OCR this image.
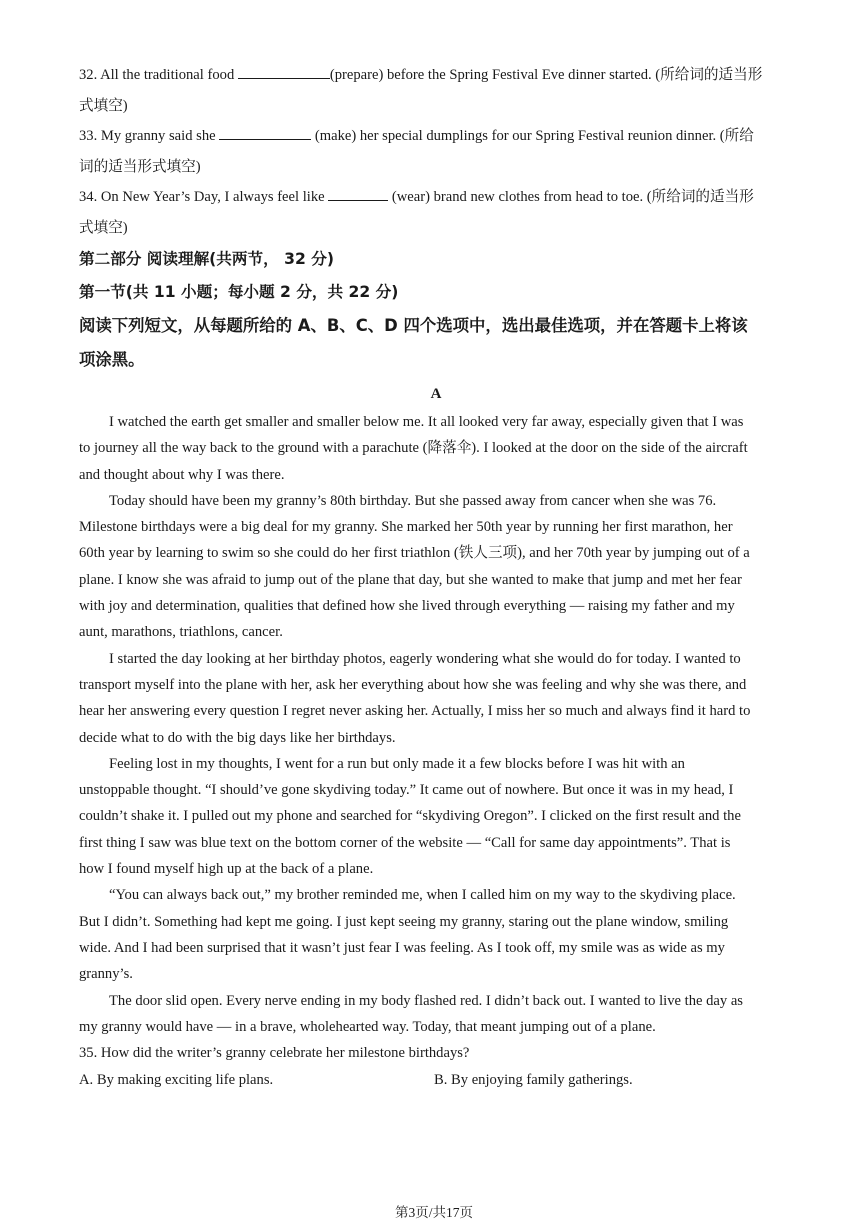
32. All the traditional food	(prepare) before the Spring Festival Eve dinner started. (所给词的适当形

式填空)

33. My granny said she	(make) her special dumplings for our Spring Festival reunion dinner. (所给

词的适当形式填空)

34. On New Year’s Day, I always feel like	(wear) brand new clothes from head to toe. (所给词的适当形

式填空)

第二部分 阅读理解(共两节， 32 分)

第一节(共 11 小题；每小题 2 分，共 22 分)

阅读下列短文，从每题所给的 A、B、C、D 四个选项中，选出最佳选项，并在答题卡上将该

项涂黑。

A

I watched the earth get smaller and smaller below me. It all looked very far away, especially given that I was

to journey all the way back to the ground with a parachute (降落伞). I looked at the door on the side of the aircraft

and thought about why I was there.

Today should have been my granny’s 80th birthday. But she passed away from cancer when she was 76.

Milestone birthdays were a big deal for my granny. She marked her 50th year by running her first marathon, her

60th year by learning to swim so she could do her first triathlon (铁人三项), and her 70th year by jumping out of a

plane. I know she was afraid to jump out of the plane that day, but she wanted to make that jump and met her fear

with joy and determination, qualities that defined how she lived through everything — raising my father and my

aunt, marathons, triathlons, cancer.

I started the day looking at her birthday photos, eagerly wondering what she would do for today. I wanted to

transport myself into the plane with her, ask her everything about how she was feeling and why she was there, and

hear her answering every question I regret never asking her. Actually, I miss her so much and always find it hard to

decide what to do with the big days like her birthdays.

Feeling lost in my thoughts, I went for a run but only made it a few blocks before I was hit with an

unstoppable thought. “I should’ve gone skydiving today.” It came out of nowhere. But once it was in my head, I

couldn’t shake it. I pulled out my phone and searched for “skydiving Oregon”. I clicked on the first result and the

first thing I saw was blue text on the bottom corner of the website — “Call for same day appointments”. That is

how I found myself high up at the back of a plane.

“You can always back out,” my brother reminded me, when I called him on my way to the skydiving place.

But I didn’t. Something had kept me going. I just kept seeing my granny, staring out the plane window, smiling

wide. And I had been surprised that it wasn’t just fear I was feeling. As I took off, my smile was as wide as my

granny’s.

The door slid open. Every nerve ending in my body flashed red. I didn’t back out. I wanted to live the day as

my granny would have — in a brave, wholehearted way. Today, that meant jumping out of a plane.

35. How did the writer’s granny celebrate her milestone birthdays?

A. By making exciting life plans.	B. By enjoying family gatherings.
第3页/共17页
